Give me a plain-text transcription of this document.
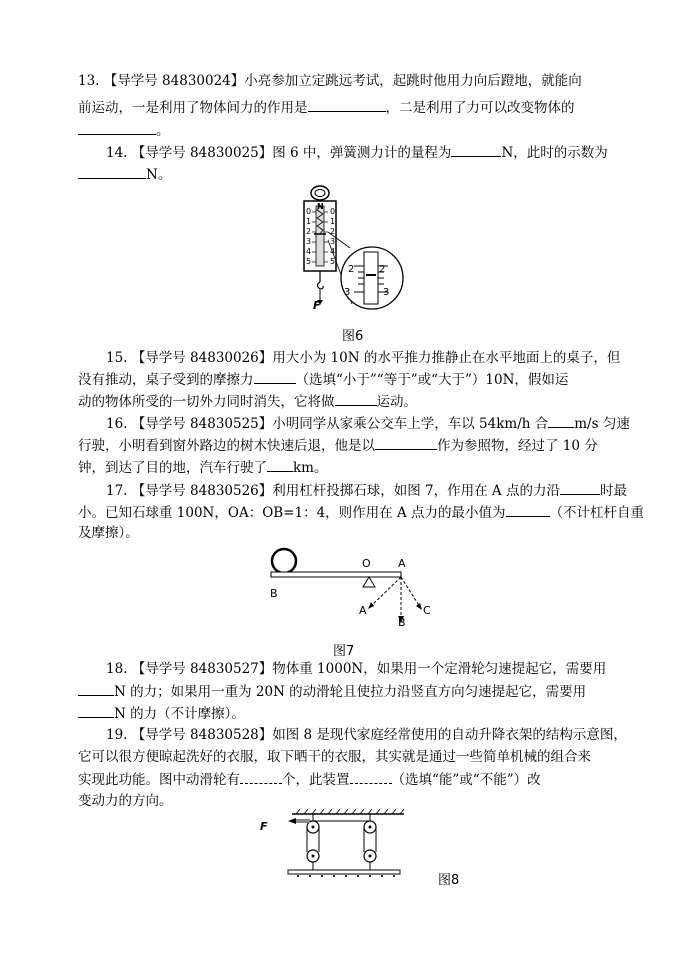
13. 【导学号 84830024】小亮参加立定跳远考试，起跳时他用力向后蹬地，就能向
前运动，一是利用了物体间力的作用是	，二是利用了力可以改变物体的
。
14. 【导学号 84830025】图 6 中，弹簧测力计的量程为	N，此时的示数为
N。
N
0
1
2
3
4
5
0
1
2
3
4
5
F
2
3
2
3
图6
15. 【导学号 84830026】用大小为 10N 的水平推力推静止在水平地面上的桌子，但
没有推动，桌子受到的摩擦力	（选填“小于”“等于”或“大于”）10N，假如运
动的物体所受的一切外力同时消失，它将做	运动。
16. 【导学号 84830525】小明同学从家乘公交车上学，车以 54km/h 合 m/s 匀速
行驶，小明看到窗外路边的树木快速后退，他是以	作为参照物，经过了 10 分
钟，到达了目的地，汽车行驶了 km。
17. 【导学号 84830526】利用杠杆投掷石球，如图 7，作用在 A 点的力沿	时最
小。已知石球重 100N，OA：OB=1：4，则作用在 A 点力的最小值为	（不计杠杆自重
及摩擦）。
O A
B
A
B
C
图7
18. 【导学号 84830527】物体重 1000N，如果用一个定滑轮匀速提起它，需要用
N 的力；如果用一重为 20N 的动滑轮且使拉力沿竖直方向匀速提起它，需要用
N 的力（不计摩擦）。
19. 【导学号 84830528】如图 8 是现代家庭经常使用的自动升降衣架的结构示意图，
它可以很方便晾起洗好的衣服，取下晒干的衣服，其实就是通过一些简单机械的组合来
实现此功能。图中动滑轮有	个，此装置	（选填“能”或“不能”）改
变动力的方向。
F
图8
